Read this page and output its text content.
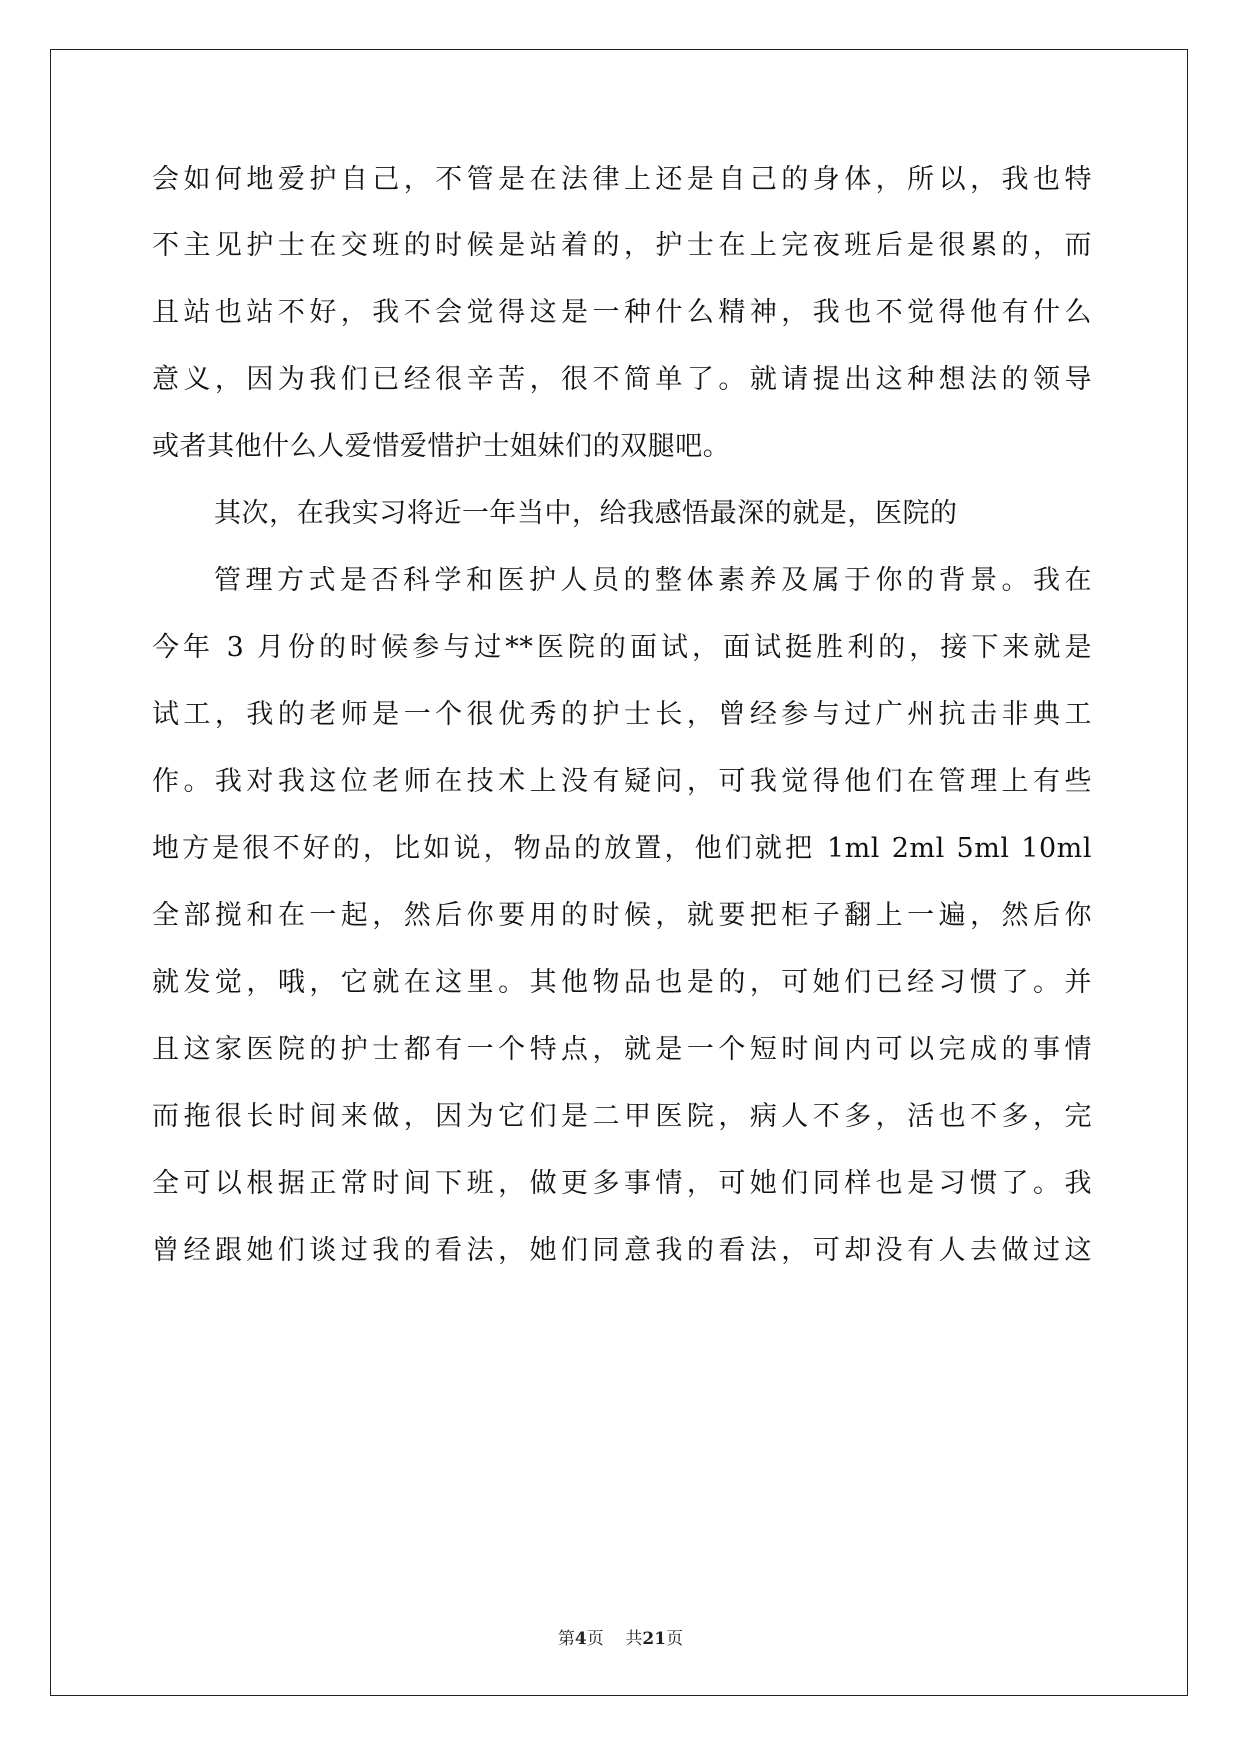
会如何地爱护自己，不管是在法律上还是自己的身体，所以，我也特
不主见护士在交班的时候是站着的，护士在上完夜班后是很累的，而
且站也站不好，我不会觉得这是一种什么精神，我也不觉得他有什么
意义，因为我们已经很辛苦，很不简单了。就请提出这种想法的领导
或者其他什么人爱惜爱惜护士姐妹们的双腿吧。
其次，在我实习将近一年当中，给我感悟最深的就是，医院的
管理方式是否科学和医护人员的整体素养及属于你的背景。我在
今年 3 月份的时候参与过**医院的面试，面试挺胜利的，接下来就是
试工，我的老师是一个很优秀的护士长，曾经参与过广州抗击非典工
作。我对我这位老师在技术上没有疑问，可我觉得他们在管理上有些
地方是很不好的，比如说，物品的放置，他们就把 1ml 2ml 5ml 10ml
全部搅和在一起，然后你要用的时候，就要把柜子翻上一遍，然后你
就发觉，哦，它就在这里。其他物品也是的，可她们已经习惯了。并
且这家医院的护士都有一个特点，就是一个短时间内可以完成的事情
而拖很长时间来做，因为它们是二甲医院，病人不多，活也不多，完
全可以根据正常时间下班，做更多事情，可她们同样也是习惯了。我
曾经跟她们谈过我的看法，她们同意我的看法，可却没有人去做过这
第4页 共21页
